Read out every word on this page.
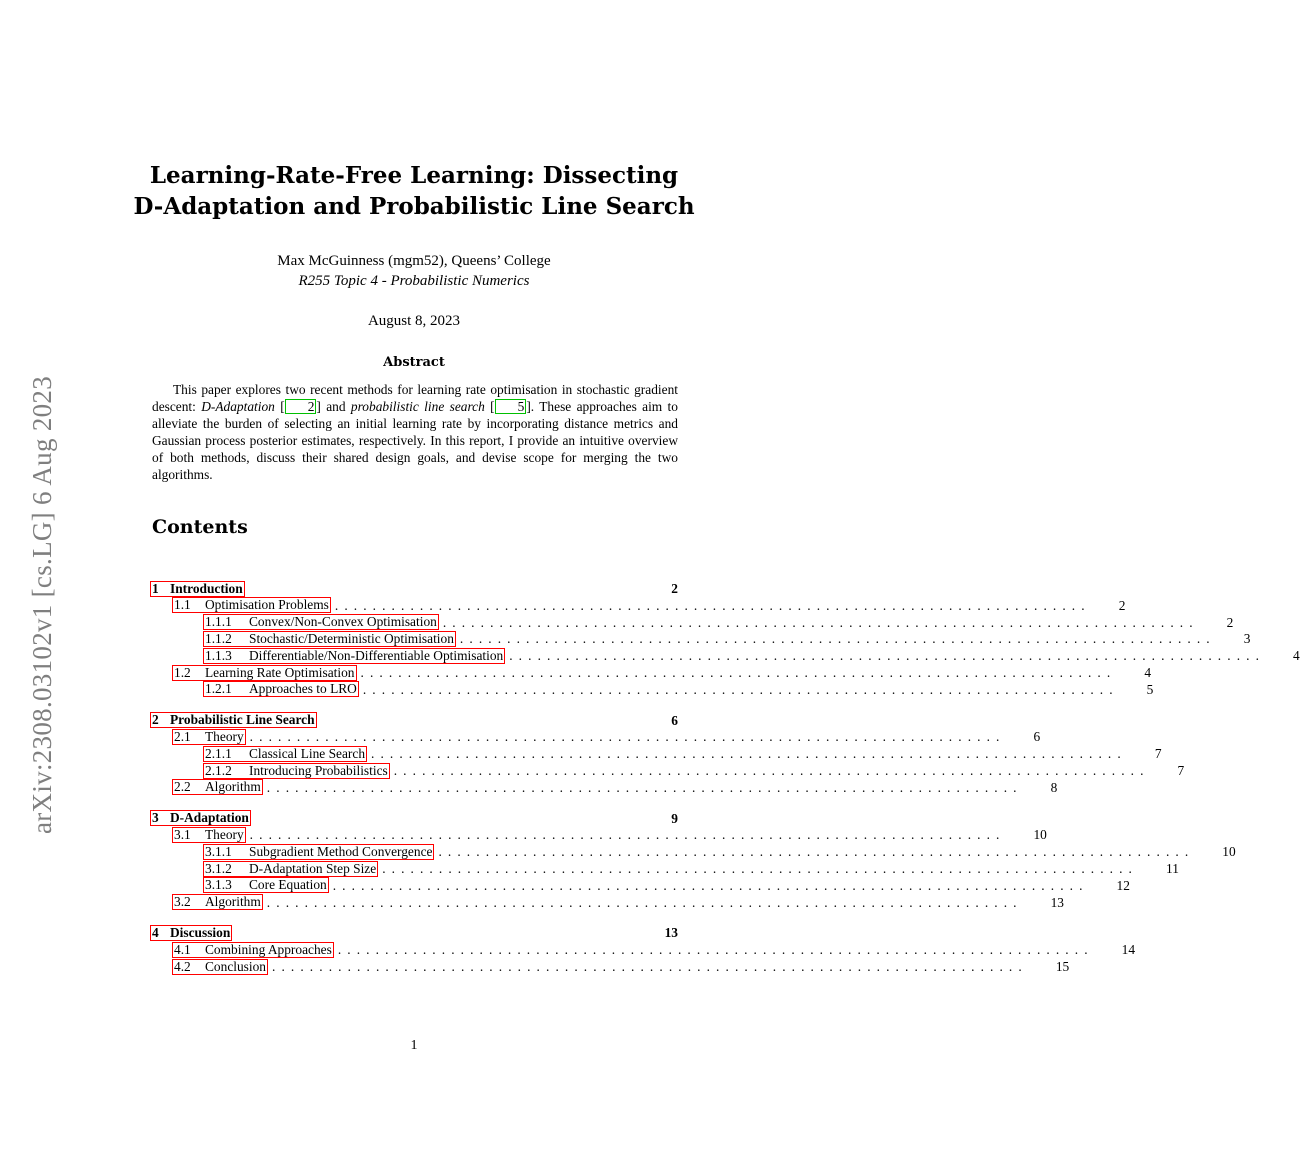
arXiv:2308.03102v1 [cs.LG] 6 Aug 2023
Learning-Rate-Free Learning: Dissecting
D-Adaptation and Probabilistic Line Search
Max McGuinness (mgm52), Queens’ College
R255 Topic 4 - Probabilistic Numerics
August 8, 2023
Abstract
This paper explores two recent methods for learning rate optimisation in stochastic gradient descent: D-Adaptation [ 2 ] and probabilistic line search [ 5 ]. These approaches aim to alleviate the burden of selecting an initial learning rate by incorporating distance metrics and Gaussian process posterior estimates, respectively. In this report, I provide an intuitive overview of both methods, discuss their shared design goals, and devise scope for merging the two algorithms.
Contents
1 Introduction	2
1.1	Optimisation Problems ................................................................................ 2
1.1.1	Convex/Non-Convex Optimisation ................................................................................ 2
1.1.2	Stochastic/Deterministic Optimisation ................................................................................ 3
1.1.3	Differentiable/Non-Differentiable Optimisation ................................................................................ 4
1.2	Learning Rate Optimisation ................................................................................ 4
1.2.1	Approaches to LRO ................................................................................ 5
2 Probabilistic Line Search	6
2.1	Theory ................................................................................ 6
2.1.1	Classical Line Search ................................................................................ 7
2.1.2	Introducing Probabilistics ................................................................................ 7
2.2	Algorithm ................................................................................ 8
3 D-Adaptation	9
3.1	Theory ................................................................................ 10
3.1.1	Subgradient Method Convergence ................................................................................ 10
3.1.2	D-Adaptation Step Size ................................................................................ 11
3.1.3	Core Equation ................................................................................ 12
3.2	Algorithm ................................................................................ 13
4 Discussion	13
4.1	Combining Approaches ................................................................................ 14
4.2	Conclusion ................................................................................ 15
1
